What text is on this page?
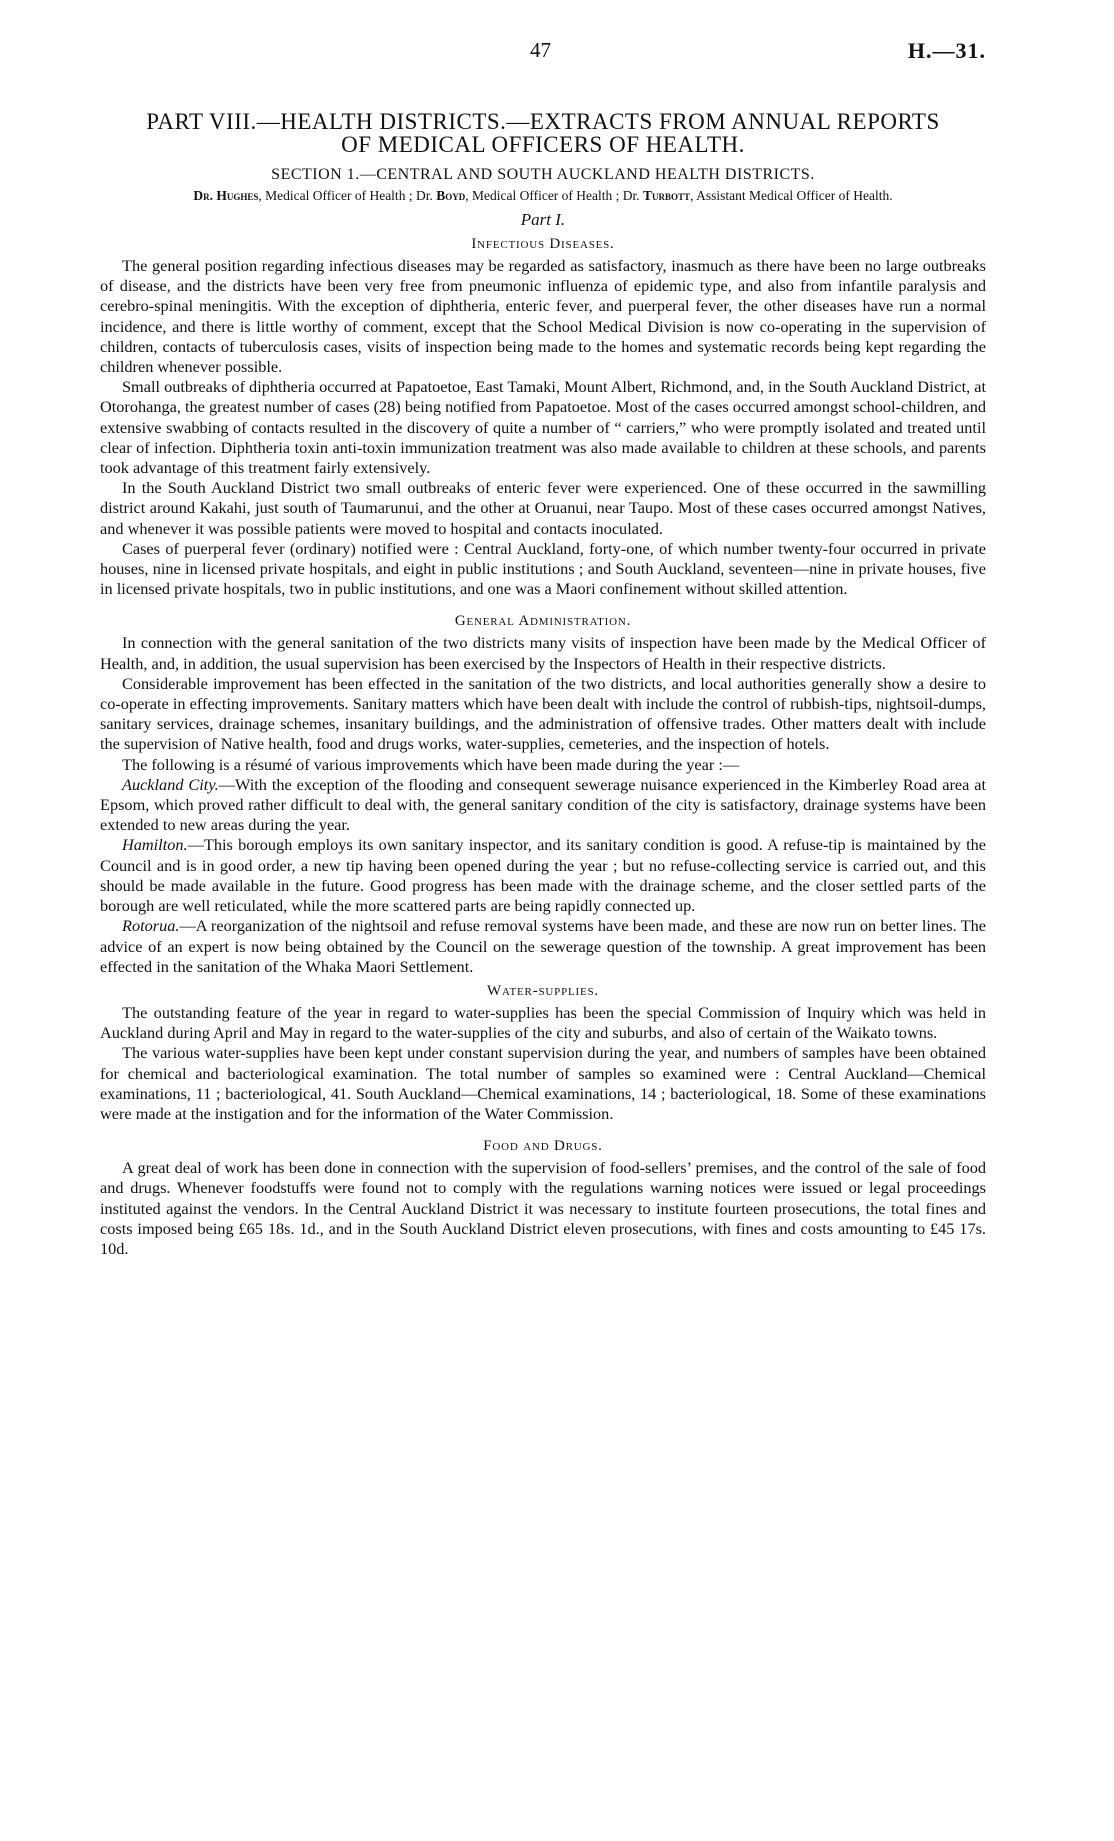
47	H.—31.
PART VIII.—HEALTH DISTRICTS.—EXTRACTS FROM ANNUAL REPORTS
OF MEDICAL OFFICERS OF HEALTH.
SECTION 1.—CENTRAL AND SOUTH AUCKLAND HEALTH DISTRICTS.
Dr. Hughes, Medical Officer of Health ; Dr. Boyd, Medical Officer of Health ; Dr. Turbott, Assistant Medical Officer of Health.
Part I.
Infectious Diseases.

The general position regarding infectious diseases may be regarded as satisfactory, inasmuch as there have been no large outbreaks of disease, and the districts have been very free from pneumonic influenza of epidemic type, and also from infantile paralysis and cerebro-spinal meningitis. With the exception of diphtheria, enteric fever, and puerperal fever, the other diseases have run a normal incidence, and there is little worthy of comment, except that the School Medical Division is now co-operating in the supervision of children, contacts of tuberculosis cases, visits of inspection being made to the homes and systematic records being kept regarding the children whenever possible.

Small outbreaks of diphtheria occurred at Papatoetoe, East Tamaki, Mount Albert, Richmond, and, in the South Auckland District, at Otorohanga, the greatest number of cases (28) being notified from Papatoetoe. Most of the cases occurred amongst school-children, and extensive swabbing of contacts resulted in the discovery of quite a number of “ carriers,” who were promptly isolated and treated until clear of infection. Diphtheria toxin anti-toxin immunization treatment was also made available to children at these schools, and parents took advantage of this treatment fairly extensively.

In the South Auckland District two small outbreaks of enteric fever were experienced. One of these occurred in the sawmilling district around Kakahi, just south of Taumarunui, and the other at Oruanui, near Taupo. Most of these cases occurred amongst Natives, and whenever it was possible patients were moved to hospital and contacts inoculated.

Cases of puerperal fever (ordinary) notified were : Central Auckland, forty-one, of which number twenty-four occurred in private houses, nine in licensed private hospitals, and eight in public institutions ; and South Auckland, seventeen—nine in private houses, five in licensed private hospitals, two in public institutions, and one was a Maori confinement without skilled attention.

General Administration.

In connection with the general sanitation of the two districts many visits of inspection have been made by the Medical Officer of Health, and, in addition, the usual supervision has been exercised by the Inspectors of Health in their respective districts.

Considerable improvement has been effected in the sanitation of the two districts, and local authorities generally show a desire to co-operate in effecting improvements. Sanitary matters which have been dealt with include the control of rubbish-tips, nightsoil-dumps, sanitary services, drainage schemes, insanitary buildings, and the administration of offensive trades. Other matters dealt with include the supervision of Native health, food and drugs works, water-supplies, cemeteries, and the inspection of hotels.

The following is a résumé of various improvements which have been made during the year :—

Auckland City.—With the exception of the flooding and consequent sewerage nuisance experienced in the Kimberley Road area at Epsom, which proved rather difficult to deal with, the general sanitary condition of the city is satisfactory, drainage systems have been extended to new areas during the year.

Hamilton.—This borough employs its own sanitary inspector, and its sanitary condition is good. A refuse-tip is maintained by the Council and is in good order, a new tip having been opened during the year ; but no refuse-collecting service is carried out, and this should be made available in the future. Good progress has been made with the drainage scheme, and the closer settled parts of the borough are well reticulated, while the more scattered parts are being rapidly connected up.

Rotorua.—A reorganization of the nightsoil and refuse removal systems have been made, and these are now run on better lines. The advice of an expert is now being obtained by the Council on the sewerage question of the township. A great improvement has been effected in the sanitation of the Whaka Maori Settlement.

Water-supplies.

The outstanding feature of the year in regard to water-supplies has been the special Commission of Inquiry which was held in Auckland during April and May in regard to the water-supplies of the city and suburbs, and also of certain of the Waikato towns.

The various water-supplies have been kept under constant supervision during the year, and numbers of samples have been obtained for chemical and bacteriological examination. The total number of samples so examined were : Central Auckland—Chemical examinations, 11 ; bacteriological, 41. South Auckland—Chemical examinations, 14 ; bacteriological, 18. Some of these examinations were made at the instigation and for the information of the Water Commission.

Food and Drugs.

A great deal of work has been done in connection with the supervision of food-sellers’ premises, and the control of the sale of food and drugs. Whenever foodstuffs were found not to comply with the regulations warning notices were issued or legal proceedings instituted against the vendors. In the Central Auckland District it was necessary to institute fourteen prosecutions, the total fines and costs imposed being £65 18s. 1d., and in the South Auckland District eleven prosecutions, with fines and costs amounting to £45 17s. 10d.
